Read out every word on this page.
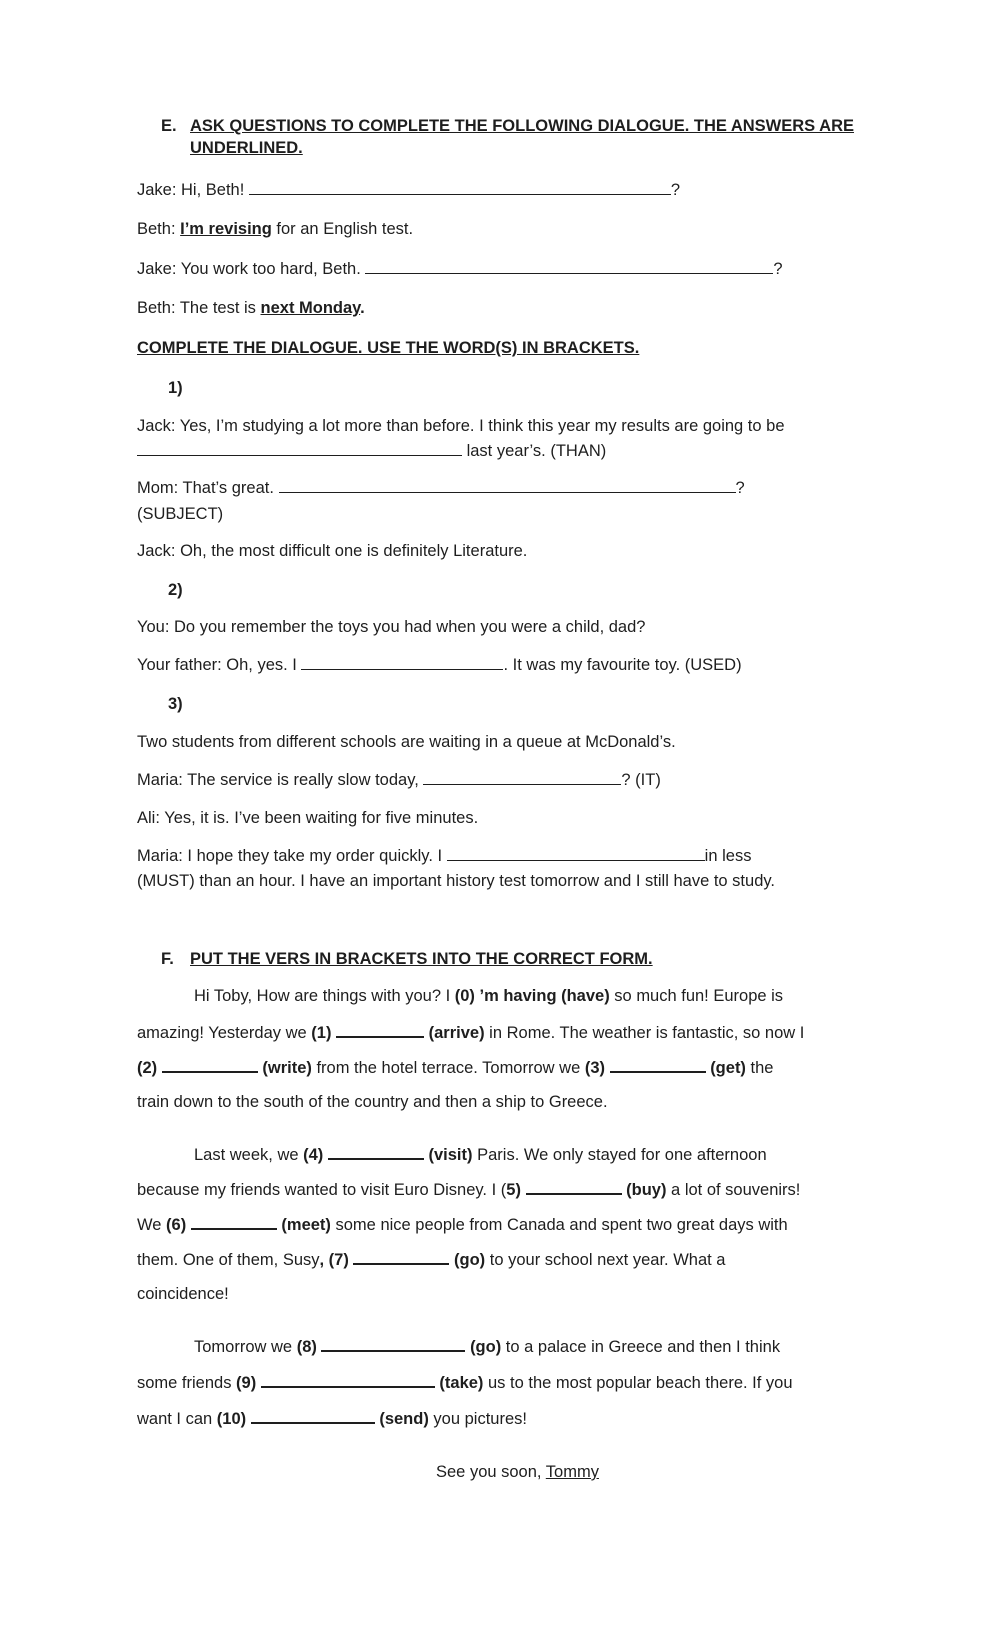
E. ASK QUESTIONS TO COMPLETE THE FOLLOWING DIALOGUE. THE ANSWERS ARE
UNDERLINED.
Jake: Hi, Beth!	?
Beth: I’m revising for an English test.
Jake: You work too hard, Beth.	?
Beth: The test is next Monday.
COMPLETE THE DIALOGUE. USE THE WORD(S) IN BRACKETS.
1)
Jack: Yes, I’m studying a lot more than before. I think this year my results are going to be
last year’s. (THAN)
Mom: That’s great.	?
(SUBJECT)
Jack: Oh, the most difficult one is definitely Literature.
2)
You: Do you remember the toys you had when you were a child, dad?
Your father: Oh, yes. I	. It was my favourite toy. (USED)
3)
Two students from different schools are waiting in a queue at McDonald’s.
Maria: The service is really slow today,	? (IT)
Ali: Yes, it is. I’ve been waiting for five minutes.
Maria: I hope they take my order quickly. I	in less
(MUST) than an hour. I have an important history test tomorrow and I still have to study.
F. PUT THE VERS IN BRACKETS INTO THE CORRECT FORM.
Hi Toby, How are things with you? I (0) ’m having (have) so much fun! Europe is
amazing! Yesterday we (1)	(arrive) in Rome. The weather is fantastic, so now I
(2)	(write) from the hotel terrace. Tomorrow we (3)	(get) the
train down to the south of the country and then a ship to Greece.
Last week, we (4)	(visit) Paris. We only stayed for one afternoon
because my friends wanted to visit Euro Disney. I (5)	(buy) a lot of souvenirs!
We (6)	(meet) some nice people from Canada and spent two great days with
them. One of them, Susy, (7)	(go) to your school next year. What a
coincidence!
Tomorrow we (8)	(go) to a palace in Greece and then I think
some friends (9)	(take) us to the most popular beach there. If you
want I can (10)	(send) you pictures!
See you soon, Tommy
